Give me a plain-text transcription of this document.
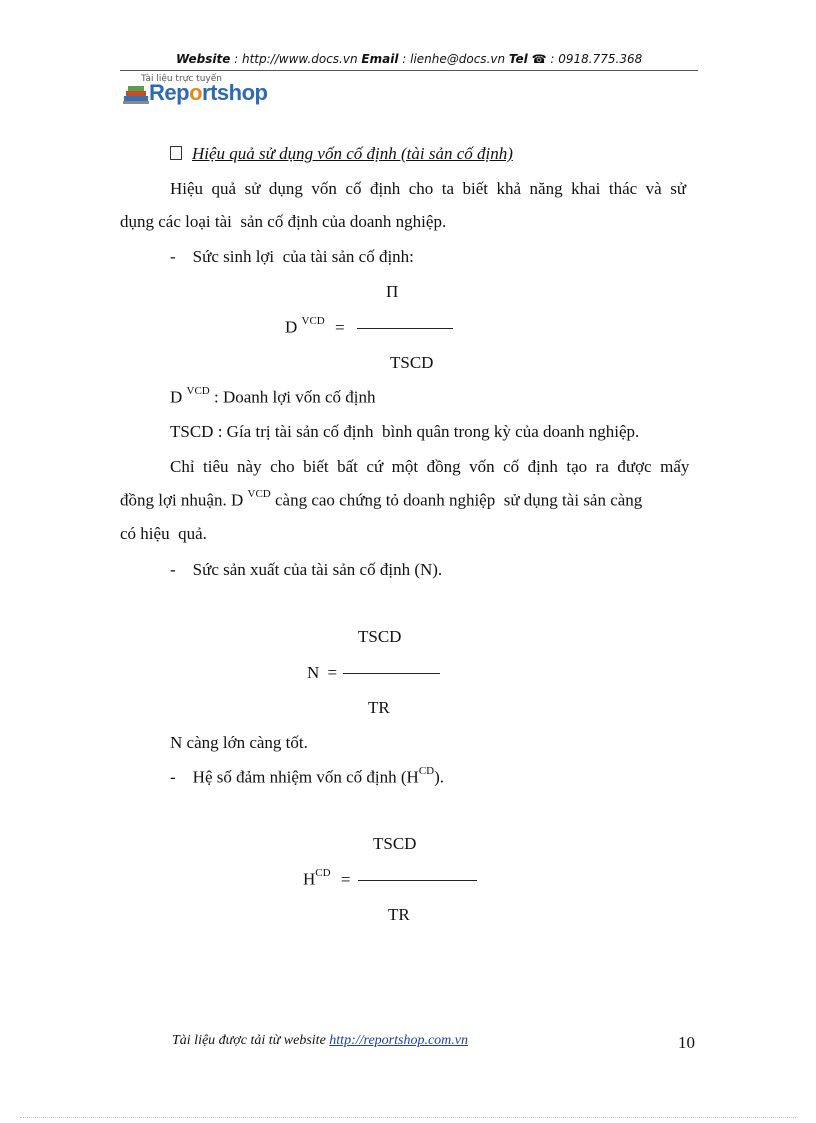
Website : http://www.docs.vn Email : lienhe@docs.vn Tel ☎ : 0918.775.368
Tài liệu trực tuyến
Reportshop
Hiệu quả sử dụng vốn cố định (tài sản cố định)
Hiệu  quả  sử  dụng  vốn  cố  định  cho  ta  biết  khả  năng  khai  thác  và  sử
dụng các loại tài  sản cố định của doanh nghiệp.
-    Sức sinh lợi  của tài sản cố định:
Π
D $^{VCD}$ =
TSCD
D $^{VCD}$ : Doanh lợi vốn cố định
TSCD : Gía trị tài sản cố định  bình quân trong kỳ của doanh nghiệp.
Chỉ  tiêu  này  cho  biết  bất  cứ  một  đồng  vốn  cố  định  tạo  ra  được  mấy
đồng lợi nhuận. D $^{VCD}$ càng cao chứng tỏ doanh nghiệp  sử dụng tài sản càng
có hiệu  quả.
-    Sức sản xuất của tài sản cố định (N).
TSCD
N =
TR
N càng lớn càng tốt.
-    Hệ số đảm nhiệm vốn cố định $(H^{CD})$.
TSCD
$H^{CD}$ =
TR
Tài liệu được tải từ website http://reportshop.com.vn	10
